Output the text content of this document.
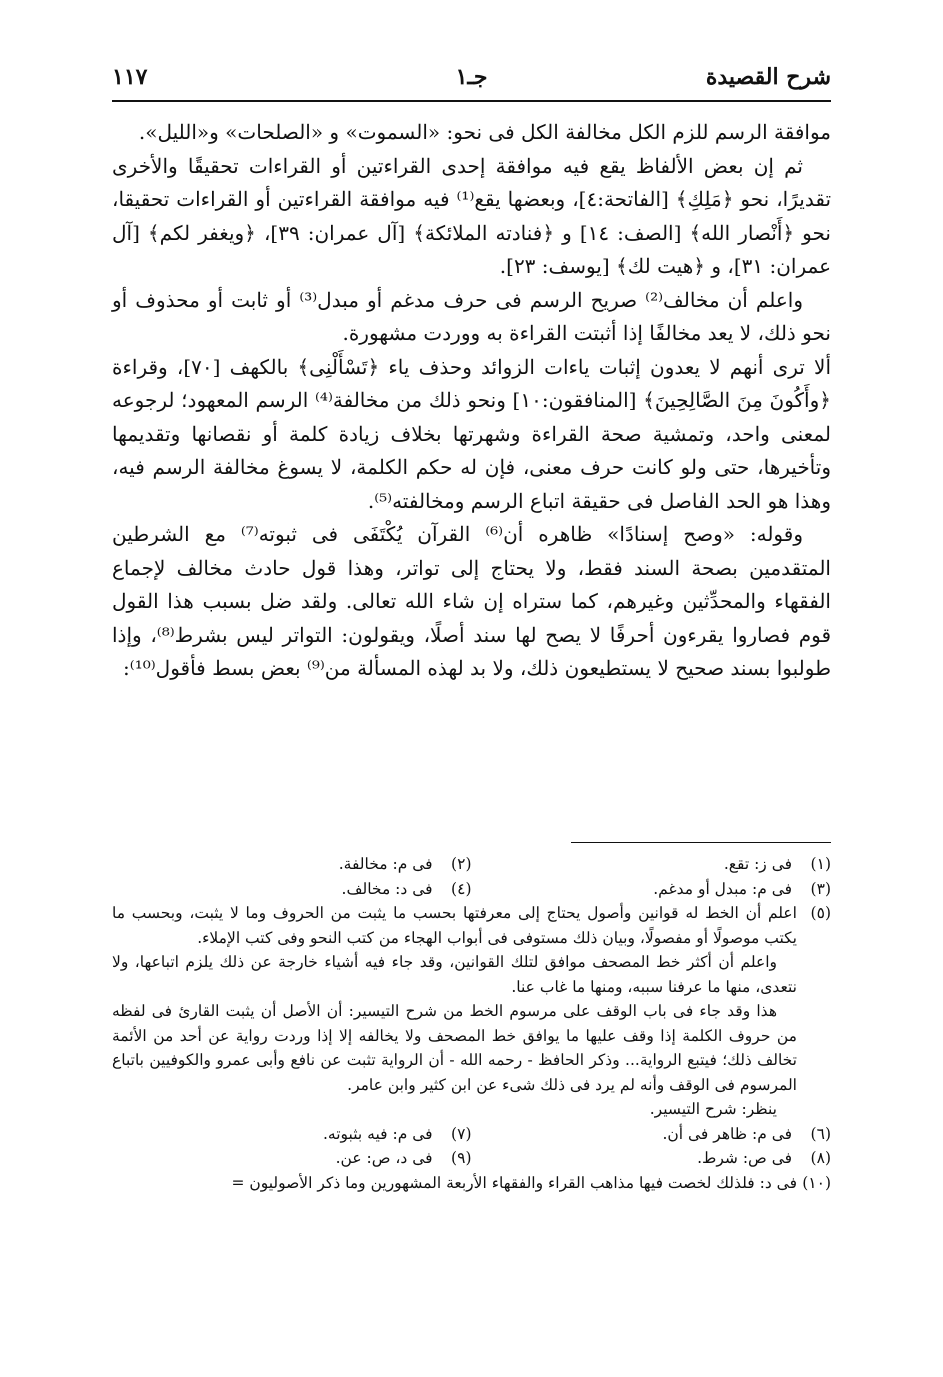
شرح القصيدة
جـ١
١١٧

موافقة الرسم للزم الكل مخالفة الكل فى نحو: «السموت» و «الصلحات» و«الليل».

ثم إن بعض الألفاظ يقع فيه موافقة إحدى القراءتين أو القراءات تحقيقًا والأخرى تقديرًا، نحو ﴿مَلِكِ﴾ [الفاتحة:٤]، وبعضها يقع⁽¹⁾ فيه موافقة القراءتين أو القراءات تحقيقا، نحو ﴿أَنْصار الله﴾ [الصف: ١٤] و ﴿فنادته الملائكة﴾ [آل عمران: ٣٩]، ﴿ويغفر لكم﴾ [آل عمران: ٣١]، و ﴿هيت لك﴾ [يوسف: ٢٣].

واعلم أن مخالف⁽²⁾ صريح الرسم فى حرف مدغم أو مبدل⁽³⁾ أو ثابت أو محذوف أو نحو ذلك، لا يعد مخالفًا إذا أثبتت القراءة به ووردت مشهورة.

ألا ترى أنهم لا يعدون إثبات ياءات الزوائد وحذف ياء ﴿تَسْأَلْنِى﴾ بالكهف [٧٠]، وقراءة ﴿وأَكُونَ مِنَ الصَّالِحِينَ﴾ [المنافقون:١٠] ونحو ذلك من مخالفة⁽⁴⁾ الرسم المعهود؛ لرجوعه لمعنى واحد، وتمشية صحة القراءة وشهرتها بخلاف زيادة كلمة أو نقصانها وتقديمها وتأخيرها، حتى ولو كانت حرف معنى، فإن له حكم الكلمة، لا يسوغ مخالفة الرسم فيه، وهذا هو الحد الفاصل فى حقيقة اتباع الرسم ومخالفته⁽⁵⁾.

وقوله: «وصح إسنادًا» ظاهره أن⁽⁶⁾ القرآن يُكْتَفَى فى ثبوته⁽⁷⁾ مع الشرطين المتقدمين بصحة السند فقط، ولا يحتاج إلى تواتر، وهذا قول حادث مخالف لإجماع الفقهاء والمحدِّثين وغيرهم، كما ستراه إن شاء الله تعالى. ولقد ضل بسبب هذا القول قوم فصاروا يقرءون أحرفًا لا يصح لها سند أصلًا، ويقولون: التواتر ليس بشرط⁽⁸⁾، وإذا طولبوا بسند صحيح لا يستطيعون ذلك، ولا بد لهذه المسألة من⁽⁹⁾ بعض بسط فأقول⁽¹⁰⁾:

(١) فى ز: تقع.
(٢) فى م: مخالفة.
(٣) فى م: مبدل أو مدغم.
(٤) فى د: مخالف.
(٥)
اعلم أن الخط له قوانين وأصول يحتاج إلى معرفتها بحسب ما يثبت من الحروف وما لا يثبت، وبحسب ما يكتب موصولًا أو مفصولًا، وبيان ذلك مستوفى فى أبواب الهجاء من كتب النحو وفى كتب الإملاء.
واعلم أن أكثر خط المصحف موافق لتلك القوانين، وقد جاء فيه أشياء خارجة عن ذلك يلزم اتباعها، ولا نتعدى، منها ما عرفنا سببه، ومنها ما غاب عنا.
هذا وقد جاء فى باب الوقف على مرسوم الخط من شرح التيسير: أن الأصل أن يثبت القارئ فى لفظه من حروف الكلمة إذا وقف عليها ما يوافق خط المصحف ولا يخالفه إلا إذا وردت رواية عن أحد من الأئمة تخالف ذلك؛ فيتبع الرواية... وذكر الحافظ - رحمه الله - أن الرواية تثبت عن نافع وأبى عمرو والكوفيين باتباع المرسوم فى الوقف وأنه لم يرد فى ذلك شىء عن ابن كثير وابن عامر.
ينظر: شرح التيسير.
(٦) فى م: ظاهر فى أن.
(٧) فى م: فيه بثبوته.
(٨) فى ص: شرط.
(٩) فى د، ص: عن.
(١٠)
فى د: فلذلك لخصت فيها مذاهب القراء والفقهاء الأربعة المشهورين وما ذكر الأصوليون =
